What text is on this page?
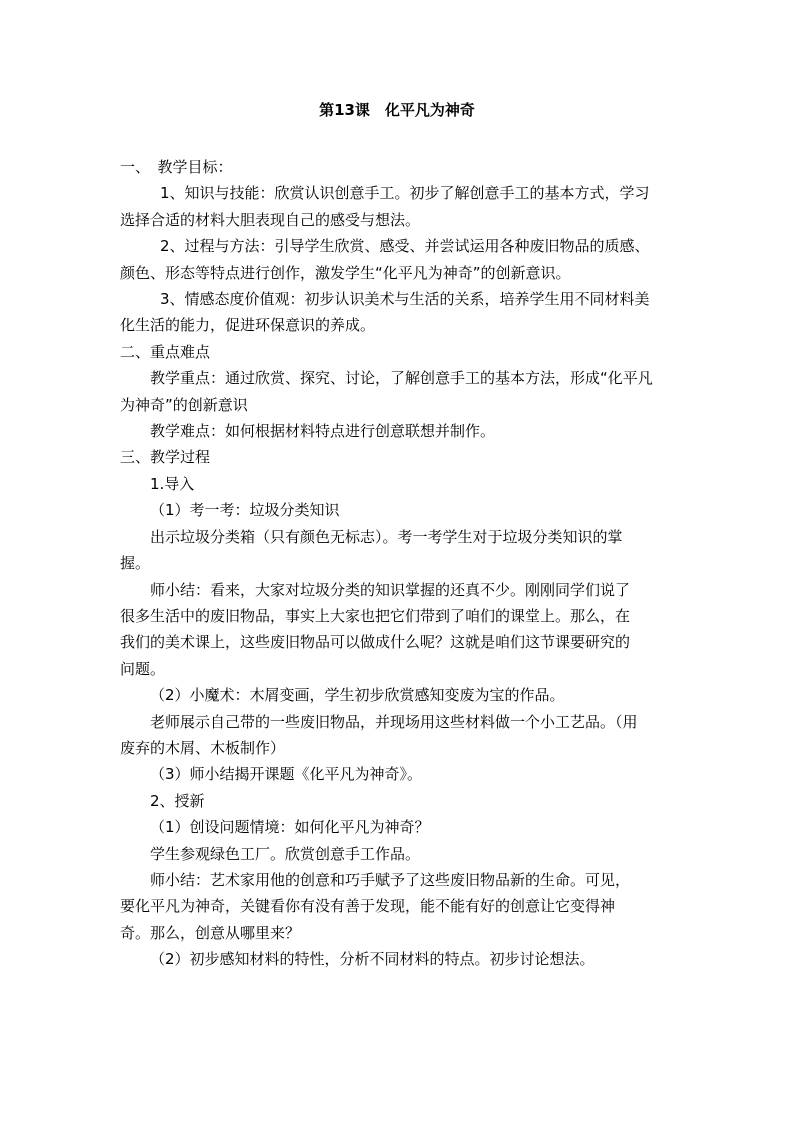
第13课　化平凡为神奇

一、　教学目标：

1、知识与技能：欣赏认识创意手工。初步了解创意手工的基本方式，学习

选择合适的材料大胆表现自己的感受与想法。

2、过程与方法：引导学生欣赏、感受、并尝试运用各种废旧物品的质感、

颜色、形态等特点进行创作，激发学生“化平凡为神奇”的创新意识。

3、情感态度价值观：初步认识美术与生活的关系，培养学生用不同材料美

化生活的能力，促进环保意识的养成。

二、重点难点

教学重点：通过欣赏、探究、讨论，了解创意手工的基本方法，形成“化平凡

为神奇”的创新意识

教学难点：如何根据材料特点进行创意联想并制作。

三、教学过程

1.导入

（1）考一考：垃圾分类知识

出示垃圾分类箱（只有颜色无标志）。考一考学生对于垃圾分类知识的掌

握。

师小结：看来，大家对垃圾分类的知识掌握的还真不少。刚刚同学们说了

很多生活中的废旧物品，事实上大家也把它们带到了咱们的课堂上。那么，在

我们的美术课上，这些废旧物品可以做成什么呢？这就是咱们这节课要研究的

问题。

（2）小魔术：木屑变画，学生初步欣赏感知变废为宝的作品。

老师展示自己带的一些废旧物品，并现场用这些材料做一个小工艺品。（用

废弃的木屑、木板制作）

（3）师小结揭开课题《化平凡为神奇》。

2、授新

（1）创设问题情境：如何化平凡为神奇？

学生参观绿色工厂。欣赏创意手工作品。

师小结：艺术家用他的创意和巧手赋予了这些废旧物品新的生命。可见，

要化平凡为神奇，关键看你有没有善于发现，能不能有好的创意让它变得神

奇。那么，创意从哪里来？

（2）初步感知材料的特性，分析不同材料的特点。初步讨论想法。
